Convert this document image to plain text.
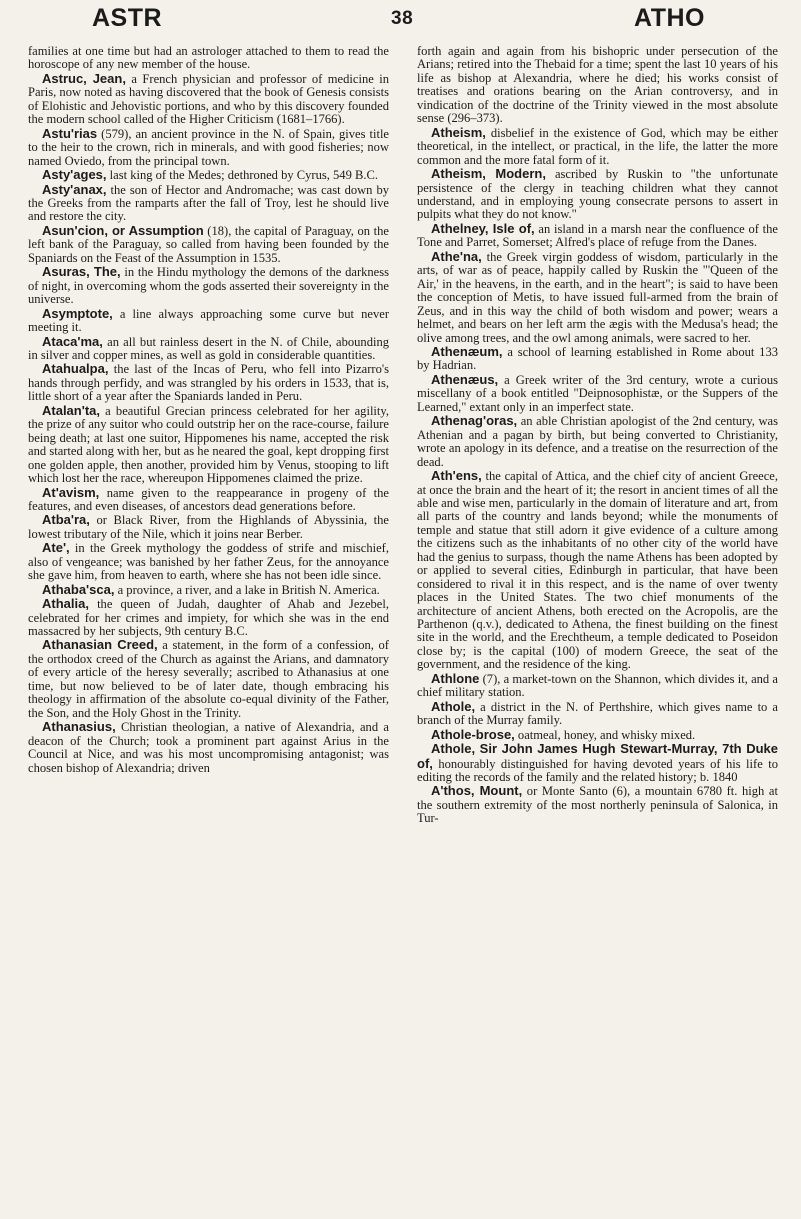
ASTR	38	ATHO

families at one time but had an astrologer attached to them to read the horoscope of any new member of the house.

Astruc, Jean, a French physician and professor of medicine in Paris, now noted as having discovered that the book of Genesis consists of Elohistic and Jehovistic portions, and who by this discovery founded the modern school called of the Higher Criticism (1681–1766).

Astu'rias (579), an ancient province in the N. of Spain, gives title to the heir to the crown, rich in minerals, and with good fisheries; now named Oviedo, from the principal town.

Asty'ages, last king of the Medes; dethroned by Cyrus, 549 B.C.

Asty'anax, the son of Hector and Andromache; was cast down by the Greeks from the ramparts after the fall of Troy, lest he should live and restore the city.

Asun'cion, or Assumption (18), the capital of Paraguay, on the left bank of the Paraguay, so called from having been founded by the Spaniards on the Feast of the Assumption in 1535.

Asuras, The, in the Hindu mythology the demons of the darkness of night, in overcoming whom the gods asserted their sovereignty in the universe.

Asymptote, a line always approaching some curve but never meeting it.

Ataca'ma, an all but rainless desert in the N. of Chile, abounding in silver and copper mines, as well as gold in considerable quantities.

Atahualpa, the last of the Incas of Peru, who fell into Pizarro's hands through perfidy, and was strangled by his orders in 1533, that is, little short of a year after the Spaniards landed in Peru.

Atalan'ta, a beautiful Grecian princess celebrated for her agility, the prize of any suitor who could outstrip her on the race-course, failure being death; at last one suitor, Hippomenes his name, accepted the risk and started along with her, but as he neared the goal, kept dropping first one golden apple, then another, provided him by Venus, stooping to lift which lost her the race, whereupon Hippomenes claimed the prize.

At'avism, name given to the reappearance in progeny of the features, and even diseases, of ancestors dead generations before.

Atba'ra, or Black River, from the Highlands of Abyssinia, the lowest tributary of the Nile, which it joins near Berber.

Ate', in the Greek mythology the goddess of strife and mischief, also of vengeance; was banished by her father Zeus, for the annoyance she gave him, from heaven to earth, where she has not been idle since.

Athaba'sca, a province, a river, and a lake in British N. America.

Athalia, the queen of Judah, daughter of Ahab and Jezebel, celebrated for her crimes and impiety, for which she was in the end massacred by her subjects, 9th century B.C.

Athanasian Creed, a statement, in the form of a confession, of the orthodox creed of the Church as against the Arians, and damnatory of every article of the heresy severally; ascribed to Athanasius at one time, but now believed to be of later date, though embracing his theology in affirmation of the absolute co-equal divinity of the Father, the Son, and the Holy Ghost in the Trinity.

Athanasius, Christian theologian, a native of Alexandria, and a deacon of the Church; took a prominent part against Arius in the Council at Nice, and was his most uncompromising antagonist; was chosen bishop of Alexandria; driven

forth again and again from his bishopric under persecution of the Arians; retired into the Thebaid for a time; spent the last 10 years of his life as bishop at Alexandria, where he died; his works consist of treatises and orations bearing on the Arian controversy, and in vindication of the doctrine of the Trinity viewed in the most absolute sense (296–373).

Atheism, disbelief in the existence of God, which may be either theoretical, in the intellect, or practical, in the life, the latter the more common and the more fatal form of it.

Atheism, Modern, ascribed by Ruskin to "the unfortunate persistence of the clergy in teaching children what they cannot understand, and in employing young consecrate persons to assert in pulpits what they do not know."

Athelney, Isle of, an island in a marsh near the confluence of the Tone and Parret, Somerset; Alfred's place of refuge from the Danes.

Athe'na, the Greek virgin goddess of wisdom, particularly in the arts, of war as of peace, happily called by Ruskin the "'Queen of the Air,' in the heavens, in the earth, and in the heart"; is said to have been the conception of Metis, to have issued full-armed from the brain of Zeus, and in this way the child of both wisdom and power; wears a helmet, and bears on her left arm the ægis with the Medusa's head; the olive among trees, and the owl among animals, were sacred to her.

Athenæum, a school of learning established in Rome about 133 by Hadrian.

Athenæus, a Greek writer of the 3rd century, wrote a curious miscellany of a book entitled "Deipnosophistæ, or the Suppers of the Learned," extant only in an imperfect state.

Athenag'oras, an able Christian apologist of the 2nd century, was Athenian and a pagan by birth, but being converted to Christianity, wrote an apology in its defence, and a treatise on the resurrection of the dead.

Ath'ens, the capital of Attica, and the chief city of ancient Greece, at once the brain and the heart of it; the resort in ancient times of all the able and wise men, particularly in the domain of literature and art, from all parts of the country and lands beyond; while the monuments of temple and statue that still adorn it give evidence of a culture among the citizens such as the inhabitants of no other city of the world have had the genius to surpass, though the name Athens has been adopted by or applied to several cities, Edinburgh in particular, that have been considered to rival it in this respect, and is the name of over twenty places in the United States. The two chief monuments of the architecture of ancient Athens, both erected on the Acropolis, are the Parthenon (q.v.), dedicated to Athena, the finest building on the finest site in the world, and the Erechtheum, a temple dedicated to Poseidon close by; is the capital (100) of modern Greece, the seat of the government, and the residence of the king.

Athlone (7), a market-town on the Shannon, which divides it, and a chief military station.

Athole, a district in the N. of Perthshire, which gives name to a branch of the Murray family.

Athole-brose, oatmeal, honey, and whisky mixed.

Athole, Sir John James Hugh Stewart-Murray, 7th Duke of, honourably distinguished for having devoted years of his life to editing the records of the family and the related history; b. 1840

A'thos, Mount, or Monte Santo (6), a mountain 6780 ft. high at the southern extremity of the most northerly peninsula of Salonica, in Tur-
